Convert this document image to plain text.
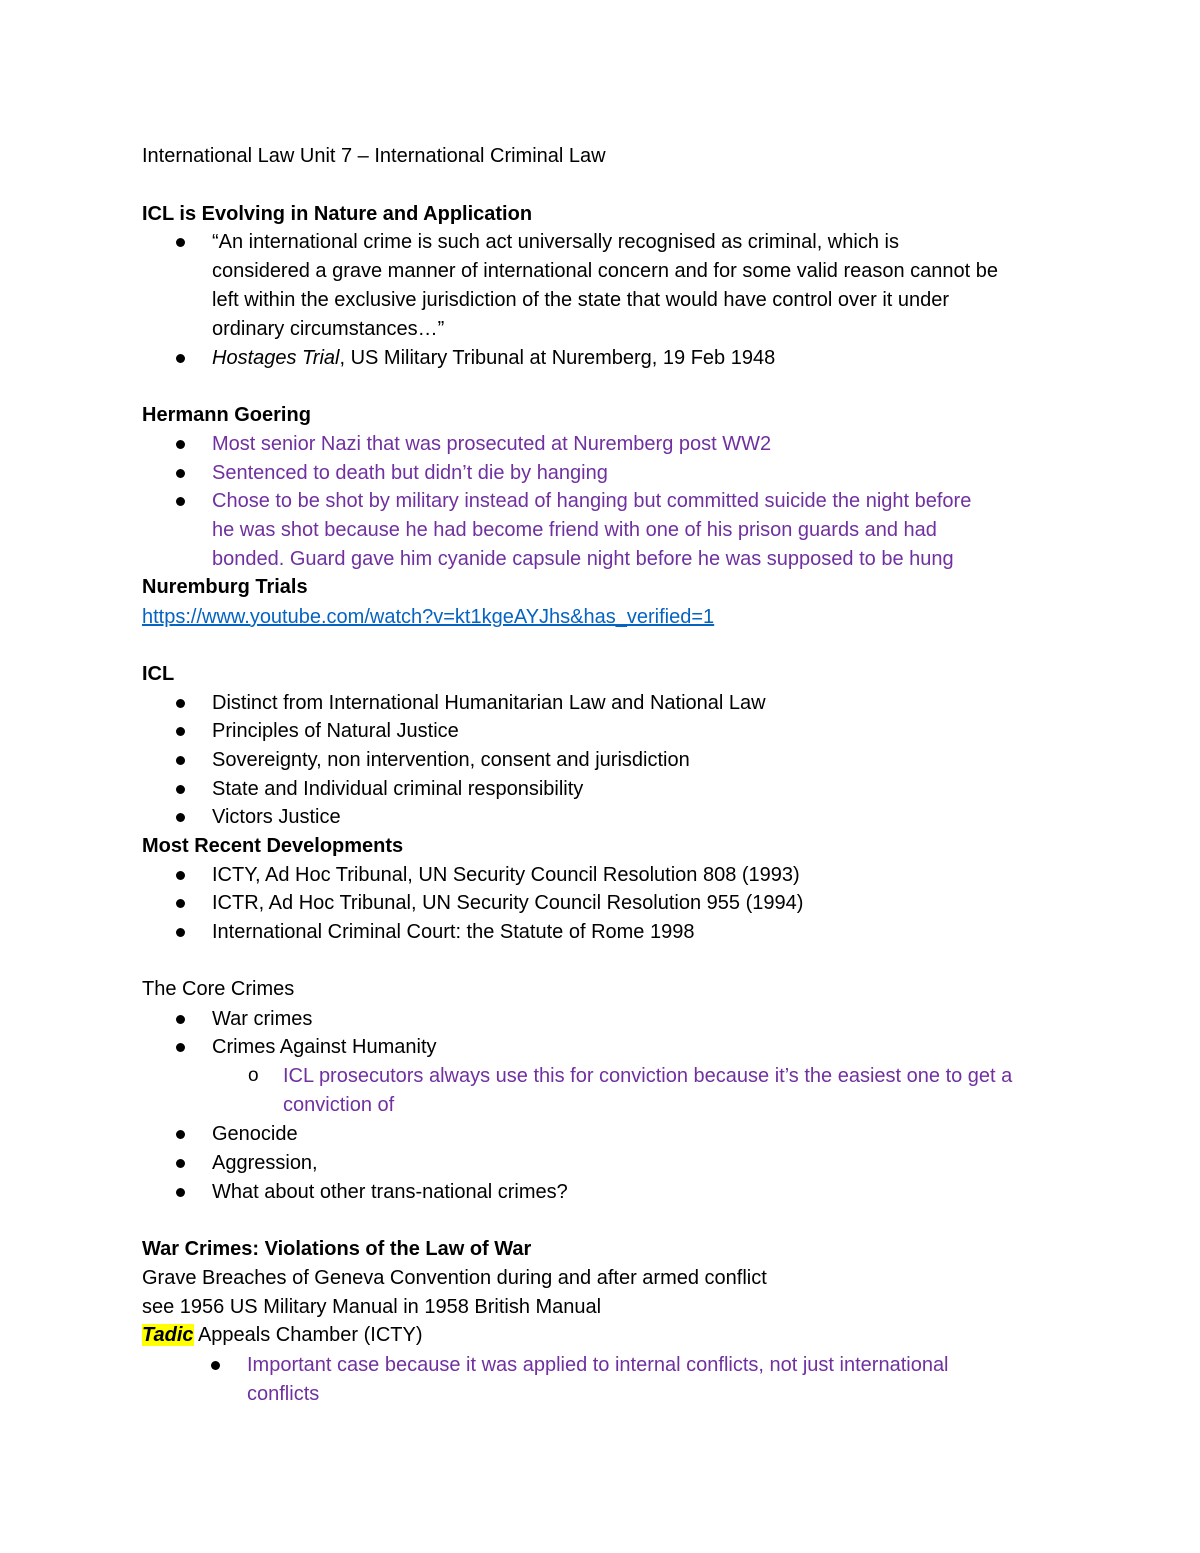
International Law Unit 7 – International Criminal Law
ICL is Evolving in Nature and Application
“An international crime is such act universally recognised as criminal, which is
considered a grave manner of international concern and for some valid reason cannot be
left within the exclusive jurisdiction of the state that would have control over it under
ordinary circumstances…”
Hostages Trial, US Military Tribunal at Nuremberg, 19 Feb 1948
Hermann Goering
Most senior Nazi that was prosecuted at Nuremberg post WW2
Sentenced to death but didn’t die by hanging
Chose to be shot by military instead of hanging but committed suicide the night before
he was shot because he had become friend with one of his prison guards and had
bonded. Guard gave him cyanide capsule night before he was supposed to be hung
Nuremburg Trials
https://www.youtube.com/watch?v=kt1kgeAYJhs&has_verified=1
ICL
Distinct from International Humanitarian Law and National Law
Principles of Natural Justice
Sovereignty, non intervention, consent and jurisdiction
State and Individual criminal responsibility
Victors Justice
Most Recent Developments
ICTY, Ad Hoc Tribunal, UN Security Council Resolution 808 (1993)
ICTR, Ad Hoc Tribunal, UN Security Council Resolution 955 (1994)
International Criminal Court: the Statute of Rome 1998
The Core Crimes
War crimes
Crimes Against Humanity
o ICL prosecutors always use this for conviction because it’s the easiest one to get a
conviction of
Genocide
Aggression,
What about other trans-national crimes?
War Crimes: Violations of the Law of War
Grave Breaches of Geneva Convention during and after armed conflict
see 1956 US Military Manual in 1958 British Manual
Tadic Appeals Chamber (ICTY)
Important case because it was applied to internal conflicts, not just international
conflicts
